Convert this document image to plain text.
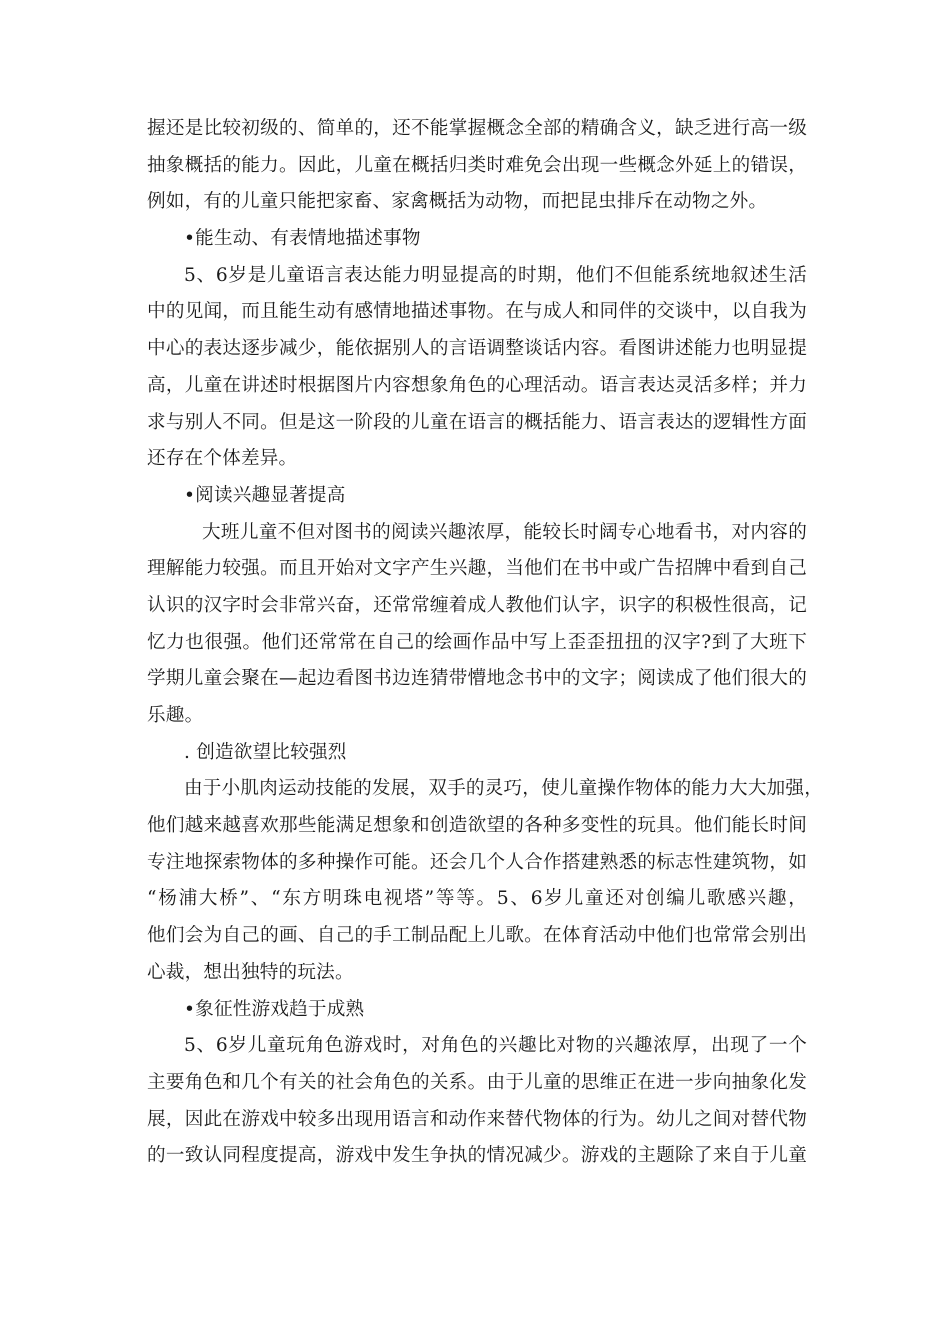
握还是比较初级的、简单的，还不能掌握概念全部的精确含义，缺乏进行高一级
抽象概括的能力。因此，儿童在概括归类时难免会出现一些概念外延上的错误，
例如，有的儿童只能把家畜、家禽概括为动物，而把昆虫排斥在动物之外。
•能生动、有表情地描述事物
5、6岁是儿童语言表达能力明显提高的时期，他们不但能系统地叙述生活
中的见闻，而且能生动有感情地描述事物。在与成人和同伴的交谈中，以自我为
中心的表达逐步减少，能依据别人的言语调整谈话内容。看图讲述能力也明显提
高，儿童在讲述时根据图片内容想象角色的心理活动。语言表达灵活多样；并力
求与别人不同。但是这一阶段的儿童在语言的概括能力、语言表达的逻辑性方面
还存在个体差异。
•阅读兴趣显著提高
大班儿童不但对图书的阅读兴趣浓厚，能较长时阔专心地看书，对内容的
理解能力较强。而且开始对文字产生兴趣，当他们在书中或广告招牌中看到自己
认识的汉字时会非常兴奋，还常常缠着成人教他们认字，识字的积极性很高，记
忆力也很强。他们还常常在自己的绘画作品中写上歪歪扭扭的汉字?到了大班下
学期儿童会聚在—起边看图书边连猜带懵地念书中的文字；阅读成了他们很大的
乐趣。
. 创造欲望比较强烈
由于小肌肉运动技能的发展，双手的灵巧，使儿童操作物体的能力大大加强，
他们越来越喜欢那些能满足想象和创造欲望的各种多变性的玩具。他们能长时间
专注地探索物体的多种操作可能。还会几个人合作搭建熟悉的标志性建筑物，如
“杨浦大桥”、“东方明珠电视塔”等等。5、6岁儿童还对创编儿歌感兴趣，
他们会为自己的画、自己的手工制品配上儿歌。在体育活动中他们也常常会别出
心裁，想出独特的玩法。
•象征性游戏趋于成熟
5、6岁儿童玩角色游戏时，对角色的兴趣比对物的兴趣浓厚，出现了一个
主要角色和几个有关的社会角色的关系。由于儿童的思维正在进一步向抽象化发
展，因此在游戏中较多出现用语言和动作来替代物体的行为。幼儿之间对替代物
的一致认同程度提高，游戏中发生争执的情况减少。游戏的主题除了来自于儿童
